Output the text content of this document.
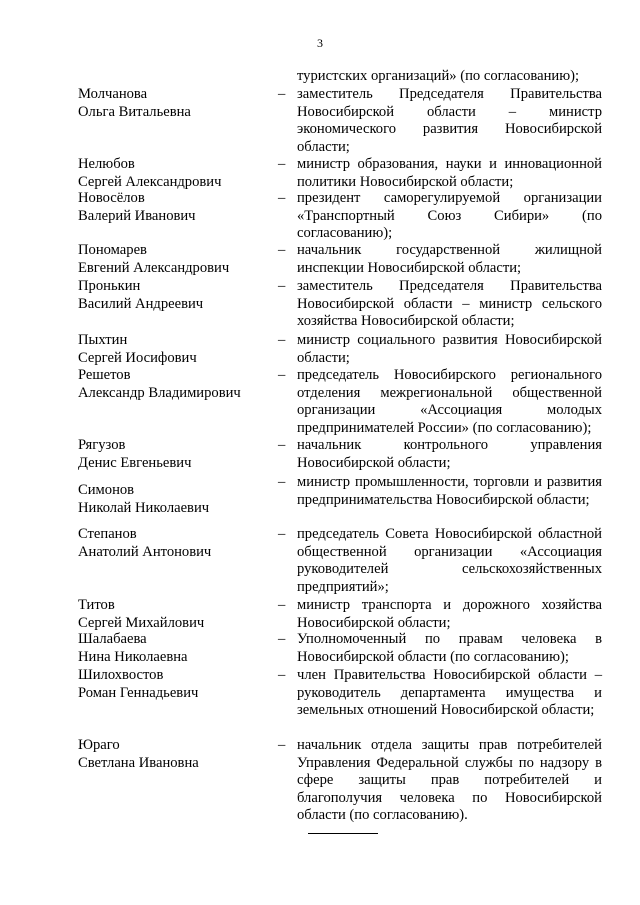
3
туристских организаций» (по согласованию);
Молчанова
Ольга Витальевна
– заместитель Председателя Правительства Новосибирской области – министр экономического развития Новосибирской области;
Нелюбов
Сергей Александрович
– министр образования, науки и инновационной политики Новосибирской области;
Новосёлов
Валерий Иванович
– президент саморегулируемой организации «Транспортный Союз Сибири» (по согласованию);
Пономарев
Евгений Александрович
– начальник государственной жилищной инспекции Новосибирской области;
Пронькин
Василий Андреевич
– заместитель Председателя Правительства Новосибирской области – министр сельского хозяйства Новосибирской области;
Пыхтин
Сергей Иосифович
– министр социального развития Новосибирской области;
Решетов
Александр Владимирович
– председатель Новосибирского регионального отделения межрегиональной общественной организации «Ассоциация молодых предпринимателей России» (по согласованию);
Рягузов
Денис Евгеньевич
– начальник контрольного управления Новосибирской области;
Симонов
Николай Николаевич
– министр промышленности, торговли и развития предпринимательства Новосибирской области;
Степанов
Анатолий Антонович
– председатель Совета Новосибирской областной общественной организации «Ассоциация руководителей сельскохозяйственных предприятий»;
Титов
Сергей Михайлович
– министр транспорта и дорожного хозяйства Новосибирской области;
Шалабаева
Нина Николаевна
– Уполномоченный по правам человека в Новосибирской области (по согласованию);
Шилохвостов
Роман Геннадьевич
– член Правительства Новосибирской области – руководитель департамента имущества и земельных отношений Новосибирской области;
Юраго
Светлана Ивановна
– начальник отдела защиты прав потребителей Управления Федеральной службы по надзору в сфере защиты прав потребителей и благополучия человека по Новосибирской области (по согласованию).
